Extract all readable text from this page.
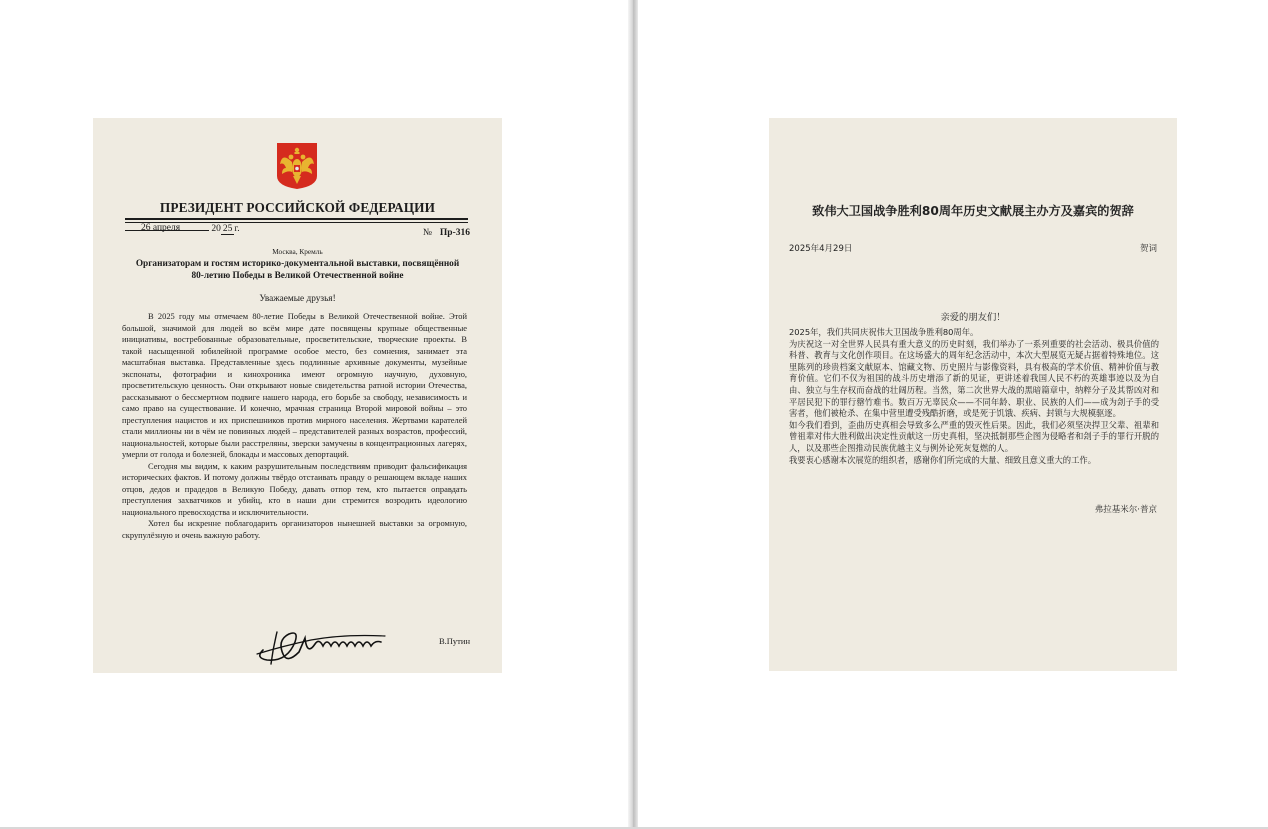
ПРЕЗИДЕНТ РОССИЙСКОЙ ФЕДЕРАЦИИ

26 апреля	20 25 г.	№ Пр-316
Москва, Кремль
Организаторам и гостям историко-документальной выставки, посвящённой 80-летию Победы в Великой Отечественной войне
Уважаемые друзья!

В 2025 году мы отмечаем 80-летие Победы в Великой Отечественной войне. Этой большой, значимой для людей во всём мире дате посвящены крупные общественные инициативы, востребованные образовательные, просветительские, творческие проекты. В такой насыщенной юбилейной программе особое место, без сомнения, занимает эта масштабная выставка. Представленные здесь подлинные архивные документы, музейные экспонаты, фотографии и кинохроника имеют огромную научную, духовную, просветительскую ценность. Они открывают новые свидетельства ратной истории Отечества, рассказывают о бессмертном подвиге нашего народа, его борьбе за свободу, независимость и само право на существование. И конечно, мрачная страница Второй мировой войны – это преступления нацистов и их приспешников против мирного населения. Жертвами карателей стали миллионы ни в чём не повинных людей – представителей разных возрастов, профессий, национальностей, которые были расстреляны, зверски замучены в концентрационных лагерях, умерли от голода и болезней, блокады и массовых депортаций.

Сегодня мы видим, к каким разрушительным последствиям приводит фальсификация исторических фактов. И потому должны твёрдо отстаивать правду о решающем вкладе наших отцов, дедов и прадедов в Великую Победу, давать отпор тем, кто пытается оправдать преступления захватчиков и убийц, кто в наши дни стремится возродить идеологию национального превосходства и исключительности.

Хотел бы искренне поблагодарить организаторов нынешней выставки за огромную, скрупулёзную и очень важную работу.

В.Путин
致伟大卫国战争胜利80周年历史文献展主办方及嘉宾的贺辞
2025年4月29日	贺词
亲爱的朋友们！

2025年，我们共同庆祝伟大卫国战争胜利80周年。

为庆祝这一对全世界人民具有重大意义的历史时刻，我们举办了一系列重要的社会活动、极具价值的科普、教育与文化创作项目。在这场盛大的周年纪念活动中，本次大型展览无疑占据着特殊地位。这里陈列的珍贵档案文献原本、馆藏文物、历史照片与影像资料，具有极高的学术价值、精神价值与教育价值。它们不仅为祖国的战斗历史增添了新的见证，更讲述着我国人民不朽的英雄事迹以及为自由、独立与生存权而奋战的壮阔历程。当然，第二次世界大战的黑暗篇章中，纳粹分子及其帮凶对和平居民犯下的罪行罄竹难书。数百万无辜民众——不同年龄、职业、民族的人们——成为刽子手的受害者，他们被枪杀、在集中营里遭受残酷折磨，或是死于饥饿、疾病、封锁与大规模驱逐。

如今我们看到，歪曲历史真相会导致多么严重的毁灭性后果。因此，我们必须坚决捍卫父辈、祖辈和曾祖辈对伟大胜利做出决定性贡献这一历史真相，坚决抵制那些企图为侵略者和刽子手的罪行开脱的人，以及那些企图推动民族优越主义与例外论死灰复燃的人。

我要衷心感谢本次展览的组织者，感谢你们所完成的大量、细致且意义重大的工作。

弗拉基米尔·普京
